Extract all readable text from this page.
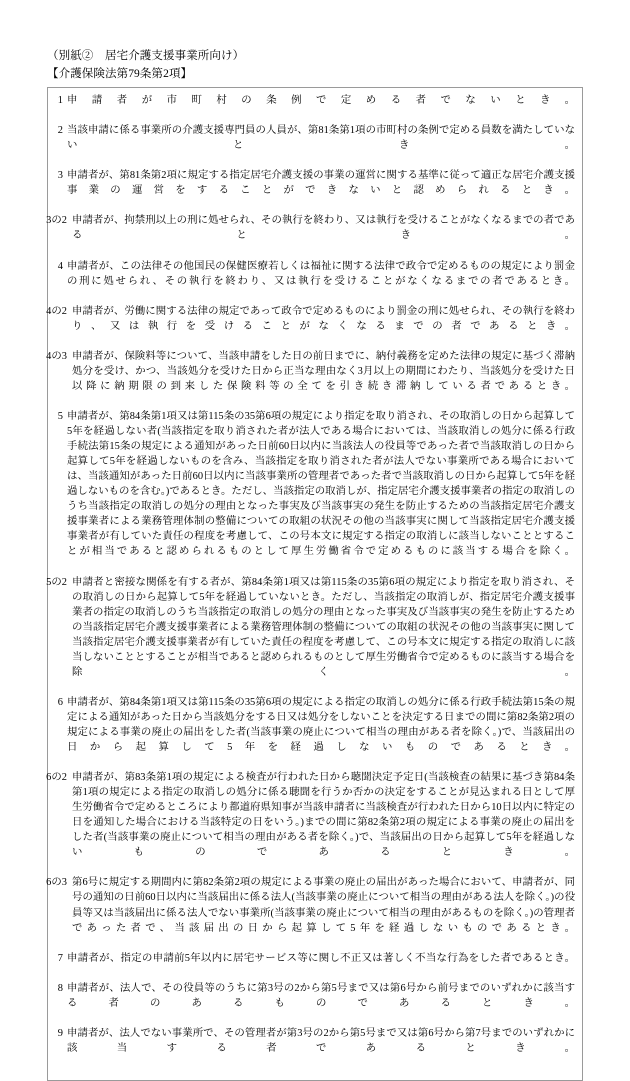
（別紙②　居宅介護支援事業所向け）
【介護保険法第79条第2項】
1 申請者が市町村の条例で定める者でないとき。
2 当該申請に係る事業所の介護支援専門員の人員が、第81条第1項の市町村の条例で定める員数を満たしていないとき。
3 申請者が、第81条第2項に規定する指定居宅介護支援の事業の運営に関する基準に従って適正な居宅介護支援事業の運営をすることができないと認められるとき。
3の2 申請者が、拘禁刑以上の刑に処せられ、その執行を終わり、又は執行を受けることがなくなるまでの者であるとき。
4 申請者が、この法律その他国民の保健医療若しくは福祉に関する法律で政令で定めるものの規定により罰金の刑に処せられ、その執行を終わり、又は執行を受けることがなくなるまでの者であるとき。
4の2 申請者が、労働に関する法律の規定であって政令で定めるものにより罰金の刑に処せられ、その執行を終わり、又は執行を受けることがなくなるまでの者であるとき。
4の3 申請者が、保険料等について、当該申請をした日の前日までに、納付義務を定めた法律の規定に基づく滞納処分を受け、かつ、当該処分を受けた日から正当な理由なく3月以上の期間にわたり、当該処分を受けた日以降に納期限の到来した保険料等の全てを引き続き滞納している者であるとき。
5 申請者が、第84条第1項又は第115条の35第6項の規定により指定を取り消され、その取消しの日から起算して5年を経過しない者(当該指定を取り消された者が法人である場合においては、当該取消しの処分に係る行政手続法第15条の規定による通知があった日前60日以内に当該法人の役員等であった者で当該取消しの日から起算して5年を経過しないものを含み、当該指定を取り消された者が法人でない事業所である場合においては、当該通知があった日前60日以内に当該事業所の管理者であった者で当該取消しの日から起算して5年を経過しないものを含む。)であるとき。ただし、当該指定の取消しが、指定居宅介護支援事業者の指定の取消しのうち当該指定の取消しの処分の理由となった事実及び当該事実の発生を防止するための当該指定居宅介護支援事業者による業務管理体制の整備についての取組の状況その他の当該事実に関して当該指定居宅介護支援事業者が有していた責任の程度を考慮して、この号本文に規定する指定の取消しに該当しないこととすることが相当であると認められるものとして厚生労働省令で定めるものに該当する場合を除く。
5の2 申請者と密接な関係を有する者が、第84条第1項又は第115条の35第6項の規定により指定を取り消され、その取消しの日から起算して5年を経過していないとき。ただし、当該指定の取消しが、指定居宅介護支援事業者の指定の取消しのうち当該指定の取消しの処分の理由となった事実及び当該事実の発生を防止するための当該指定居宅介護支援事業者による業務管理体制の整備についての取組の状況その他の当該事実に関して当該指定居宅介護支援事業者が有していた責任の程度を考慮して、この号本文に規定する指定の取消しに該当しないこととすることが相当であると認められるものとして厚生労働省令で定めるものに該当する場合を除く。
6 申請者が、第84条第1項又は第115条の35第6項の規定による指定の取消しの処分に係る行政手続法第15条の規定による通知があった日から当該処分をする日又は処分をしないことを決定する日までの間に第82条第2項の規定による事業の廃止の届出をした者(当該事業の廃止について相当の理由がある者を除く。)で、当該届出の日から起算して5年を経過しないものであるとき。
6の2 申請者が、第83条第1項の規定による検査が行われた日から聴聞決定予定日(当該検査の結果に基づき第84条第1項の規定による指定の取消しの処分に係る聴聞を行うか否かの決定をすることが見込まれる日として厚生労働省令で定めるところにより都道府県知事が当該申請者に当該検査が行われた日から10日以内に特定の日を通知した場合における当該特定の日をいう。)までの間に第82条第2項の規定による事業の廃止の届出をした者(当該事業の廃止について相当の理由がある者を除く。)で、当該届出の日から起算して5年を経過しないものであるとき。
6の3 第6号に規定する期間内に第82条第2項の規定による事業の廃止の届出があった場合において、申請者が、同号の通知の日前60日以内に当該届出に係る法人(当該事業の廃止について相当の理由がある法人を除く。)の役員等又は当該届出に係る法人でない事業所(当該事業の廃止について相当の理由があるものを除く。)の管理者であった者で、当該届出の日から起算して5年を経過しないものであるとき。
7 申請者が、指定の申請前5年以内に居宅サービス等に関し不正又は著しく不当な行為をした者であるとき。
8 申請者が、法人で、その役員等のうちに第3号の2から第5号まで又は第6号から前号までのいずれかに該当する者のあるものであるとき。
9 申請者が、法人でない事業所で、その管理者が第3号の2から第5号まで又は第6号から第7号までのいずれかに該当する者であるとき。
